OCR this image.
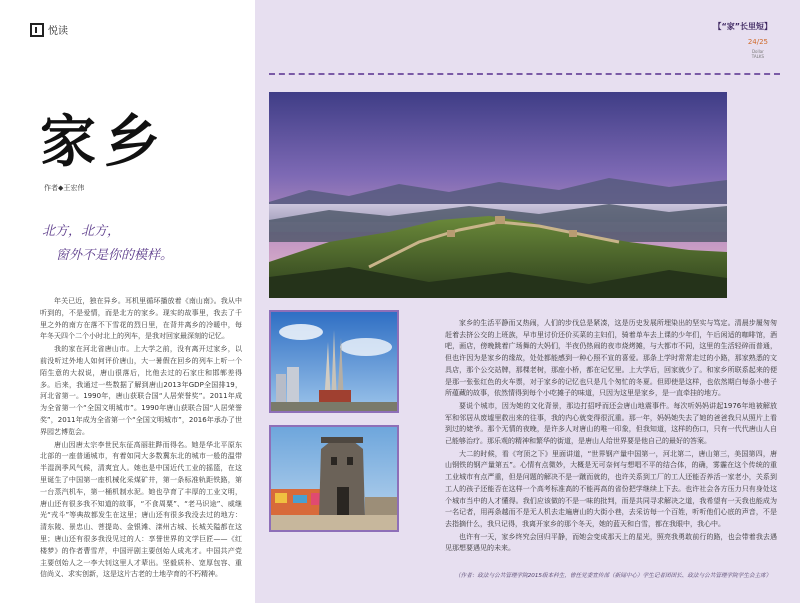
悦读
家乡
作者◆王宏伟
北方，北方，
窗外不是你的模样。

年关已近，独在异乡。耳机里循环播放着《南山南》。我从中听到的，不是爱情，而是北方的家乡。现实的故事里，我去了千里之外的南方在落不下雪花的烈日里，在背井离乡的冷暖中，每年冬天四个二个小时北上的列车，是我对回家最深刻的记忆。

我的家在河北省唐山市。上大学之前，没有离开过家乡，以前没听过外地人如何评价唐山，大一暑假在回乡的列车上听一个陌生意的大叔说，唐山很落后，比他去过的石家庄和邯郸差得多。后来，我通过一些数据了解到唐山2013年GDP全国排19，河北省第一。1990年，唐山获联合国“人居荣誉奖”。2011年成为全省第一个“全国文明城市”。1990年唐山获联合国“人居荣誉奖”，2011年成为全省第一个“全国文明城市”，2016年承办了世界园艺博览会。

唐山因唐太宗李世民东征高丽驻跸而得名。她是华北平原东北部的一座普通城市，有着如同大多数冀东北的城市一般的温带半湿润季风气候，清爽宜人。她也是中国近代工业的摇篮，在这里诞生了中国第一座机械化采煤矿井，第一条标准轨距铁路，第一台蒸汽机车，第一桶机制水泥。她也孕育了丰厚的工业文明，唐山还有很多我不知道的故事，“不食周粟”、“老马识途”、威继光“戎斗”等典故都发生在这里；唐山还有很多我没去过的地方：清东陵、景忠山、菩提岛、金银滩、滦州古城、长城关隘都在这里；唐山还有很多我没见过的人：享誉世界的文学巨匠——《红楼梦》的作者曹雪芹，中国评剧主要创始人成兆才。中国共产党主要创始人之一李大钊这里人才辈出。坚毅质朴、宽厚包容、重信尚义、求实创新，这是这片古老的土地孕育的不朽精神。

【“家”长里短】
24/25
Dollar
TALKS

家乡的生活平静而又热闹，人们的步伐总是紧凑，这是历史发展所埋染出的坚实与笃定。清晨步履匆匆赶着去挤公交的上班族，早市里讨价还价买菜的主妇们，骑着单车去上课的少年们，午后闲适的咖啡馆，酒吧，画店，傍晚跳着广场舞的大妈们，半夜仍热闹的夜市烧烤摊，与大都市不同，这里的生活轻碎而普通，但也许因为是家乡的缘故，处处都能感到一种心照不宣的喜爱。那条上学时常常走过的小路，那家熟悉的文具店，那个公交站牌，那棵老树，那座小桥，都在记忆里。上大学后，回家就少了。和家乡所联系起来的便是那一张张红色的火车票，对于家乡的记忆也只是几个匆忙的冬夏。但即使是这样，也依然期白每条小巷子所蕴藏的故事，依然情得到每个小吃摊子的味道，只因为这里是家乡，是一直牵挂的地方。

要说个城市，因为她的文化背景，那边打招呼而还会唐山地震事件。每次听妈妈讲起1976年地被解放军和邻居从废墟里救出来的往事，我的内心就变得很沉重。那一年，妈妈她失去了她的爸爸我只从照片上看到过的姥爷。那个无情的夜晚，是许多人对唐山的唯一印象，但我知道，这样的伤口，只有一代代唐山人自己能够治疗。那乐观的精神和繁华的街道，是唐山人给世界要是他自己的最好的答案。

大二的时候，看《穹顶之下》里面讲道，“世界钢产量中国第一，河北第二，唐山第三，美国第四，唐山钢铁的钢产量第五”。心情有点微妙，大概是无可奈何与想唱不平的结合体，的确，雾霾在这个传统的重工业城市有点严重，但是问题的解决不是一蹴而就的，也许关系到工厂的工人还能否养活一家老小，关系到工人的孩子还能否在这样一个高考标准高的不能再高的省份把学继续上下去。也许社会各方压力只有身处这个城市当中的人才懂得。我们应该做的不是一味的批判，而是共同寻求解决之道，我希望有一天我也能成为一名记者，用再条越而不是无人机去走遍唐山的大街小巷，去采访每一个百姓，听听他们心底的声音，不是去指摘什么，我只记得，我离开家乡的那个冬天，她的蓝天和白雪，都在我眼中，我心中。

也许有一天，家乡终究会回归平静，而她会变成那天上的星光，照亮我勇敢前行的路，也会带着我去遇见那想要遇见的未来。

（作者：政法与公共管理学院2015级本科生，曾任党委宣传部（新闻中心）学生记者团团长、政法与公共管理学院学生会主席）
